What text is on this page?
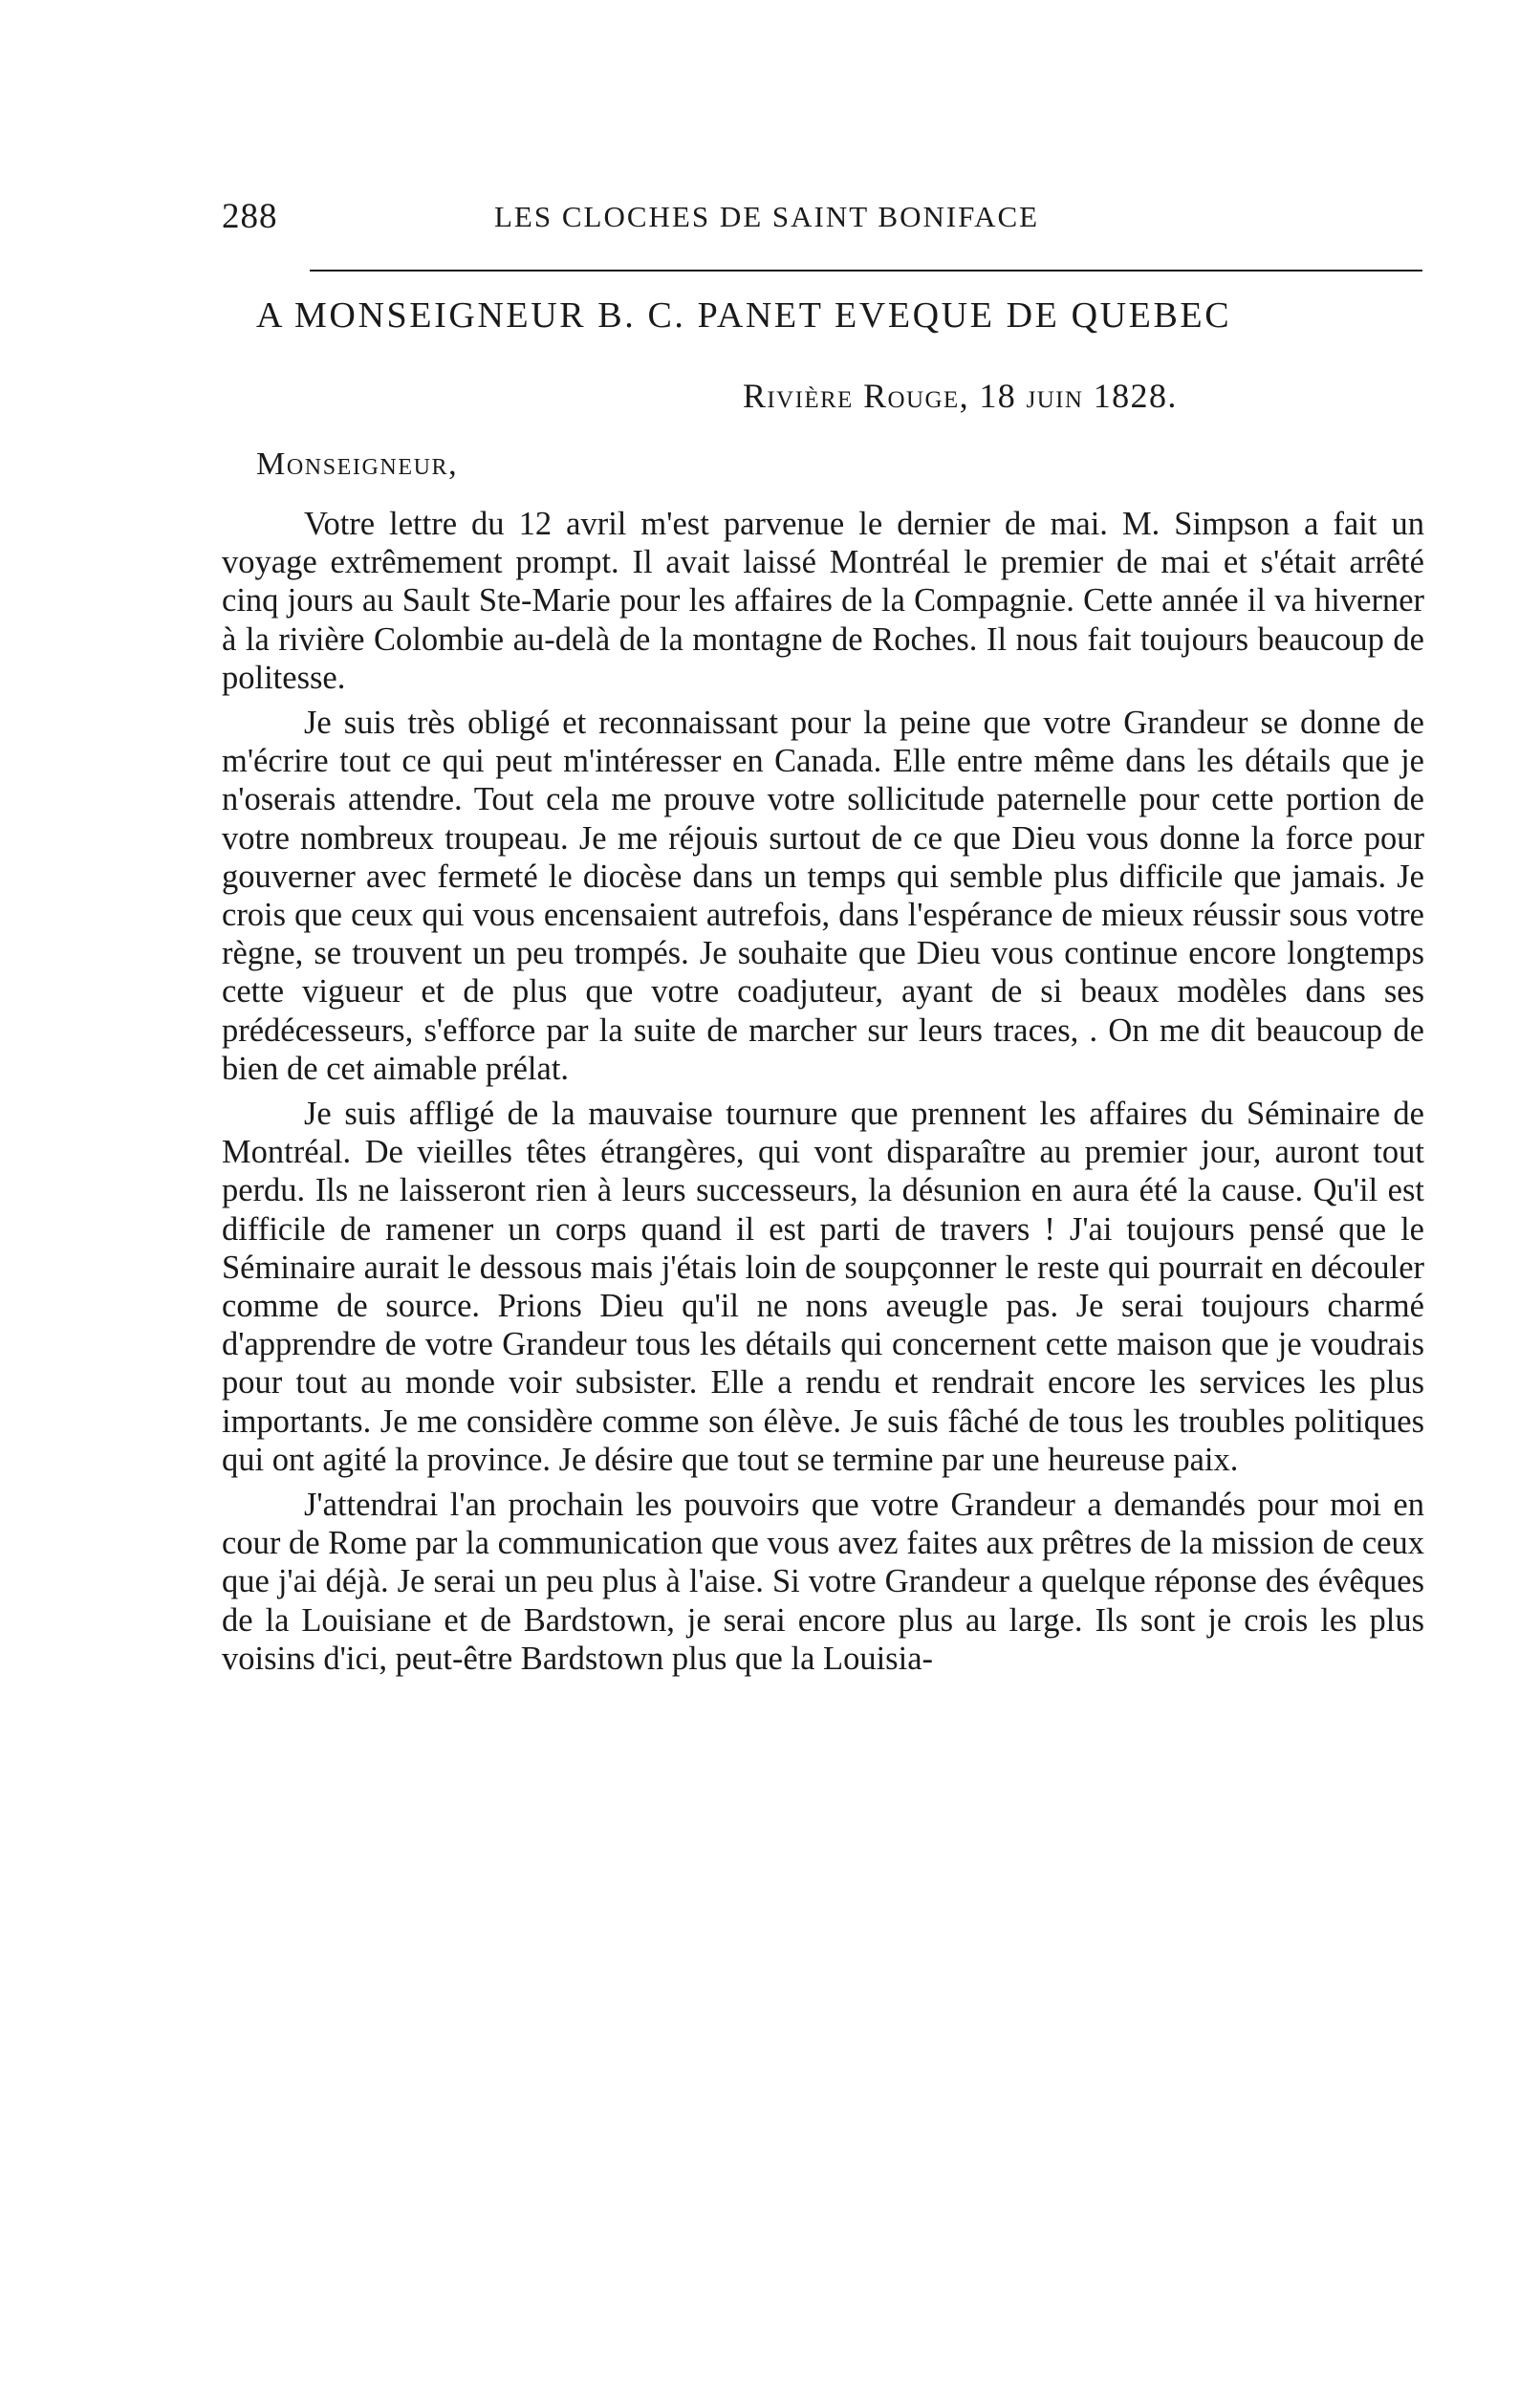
288	LES CLOCHES DE SAINT BONIFACE
A MONSEIGNEUR B. C. PANET EVEQUE DE QUEBEC
Rivière Rouge, 18 juin 1828.
Monseigneur,

Votre lettre du 12 avril m'est parvenue le dernier de mai. M. Simpson a fait un voyage extrêmement prompt. Il avait laissé Montréal le premier de mai et s'était arrêté cinq jours au Sault Ste-Marie pour les affaires de la Compagnie. Cette année il va hiverner à la rivière Colombie au-delà de la montagne de Roches. Il nous fait toujours beaucoup de politesse.

Je suis très obligé et reconnaissant pour la peine que votre Grandeur se donne de m'écrire tout ce qui peut m'intéresser en Canada. Elle entre même dans les détails que je n'oserais attendre. Tout cela me prouve votre sollicitude paternelle pour cette portion de votre nombreux troupeau. Je me réjouis surtout de ce que Dieu vous donne la force pour gouverner avec fermeté le diocèse dans un temps qui semble plus difficile que jamais. Je crois que ceux qui vous encensaient autrefois, dans l'espérance de mieux réussir sous votre règne, se trouvent un peu trompés. Je souhaite que Dieu vous continue encore longtemps cette vigueur et de plus que votre coadjuteur, ayant de si beaux modèles dans ses prédécesseurs, s'efforce par la suite de marcher sur leurs traces, . On me dit beaucoup de bien de cet aimable prélat.

Je suis affligé de la mauvaise tournure que prennent les affaires du Séminaire de Montréal. De vieilles têtes étrangères, qui vont disparaître au premier jour, auront tout perdu. Ils ne laisseront rien à leurs successeurs, la désunion en aura été la cause. Qu'il est difficile de ramener un corps quand il est parti de travers ! J'ai toujours pensé que le Séminaire aurait le dessous mais j'étais loin de soupçonner le reste qui pourrait en découler comme de source. Prions Dieu qu'il ne nons aveugle pas. Je serai toujours charmé d'apprendre de votre Grandeur tous les détails qui concernent cette maison que je voudrais pour tout au monde voir subsister. Elle a rendu et rendrait encore les services les plus importants. Je me considère comme son élève. Je suis fâché de tous les troubles politiques qui ont agité la province. Je désire que tout se termine par une heureuse paix.

J'attendrai l'an prochain les pouvoirs que votre Grandeur a demandés pour moi en cour de Rome par la communication que vous avez faites aux prêtres de la mission de ceux que j'ai déjà. Je serai un peu plus à l'aise. Si votre Grandeur a quelque réponse des évêques de la Louisiane et de Bardstown, je serai encore plus au large. Ils sont je crois les plus voisins d'ici, peut-être Bardstown plus que la Louisia-
